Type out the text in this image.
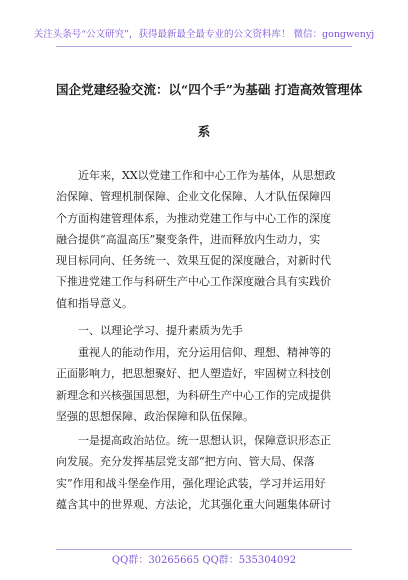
关注头条号“公文研究”，获得最新最全最专业的公文资料库！ 微信：gongwenyj
国企党建经验交流：以“四个手”为基础 打造高效管理体
系
近年来，XX以党建工作和中心工作为基体，从思想政
治保障、管理机制保障、企业文化保障、人才队伍保障四
个方面构建管理体系，为推动党建工作与中心工作的深度
融合提供“高温高压”聚变条件，进而释放内生动力，实
现目标同向、任务统一、效果互促的深度融合，对新时代
下推进党建工作与科研生产中心工作深度融合具有实践价
值和指导意义。
一、以理论学习、提升素质为先手
重视人的能动作用，充分运用信仰、理想、精神等的
正面影响力，把思想聚好、把人塑造好，牢固树立科技创
新理念和兴核强国思想，为科研生产中心工作的完成提供
坚强的思想保障、政治保障和队伍保障。
一是提高政治站位。统一思想认识，保障意识形态正
向发展。充分发挥基层党支部“把方向、管大局、保落
实”作用和战斗堡垒作用，强化理论武装，学习并运用好
蕴含其中的世界观、方法论，尤其强化重大问题集体研讨
QQ群：30265665 QQ群：535304092
